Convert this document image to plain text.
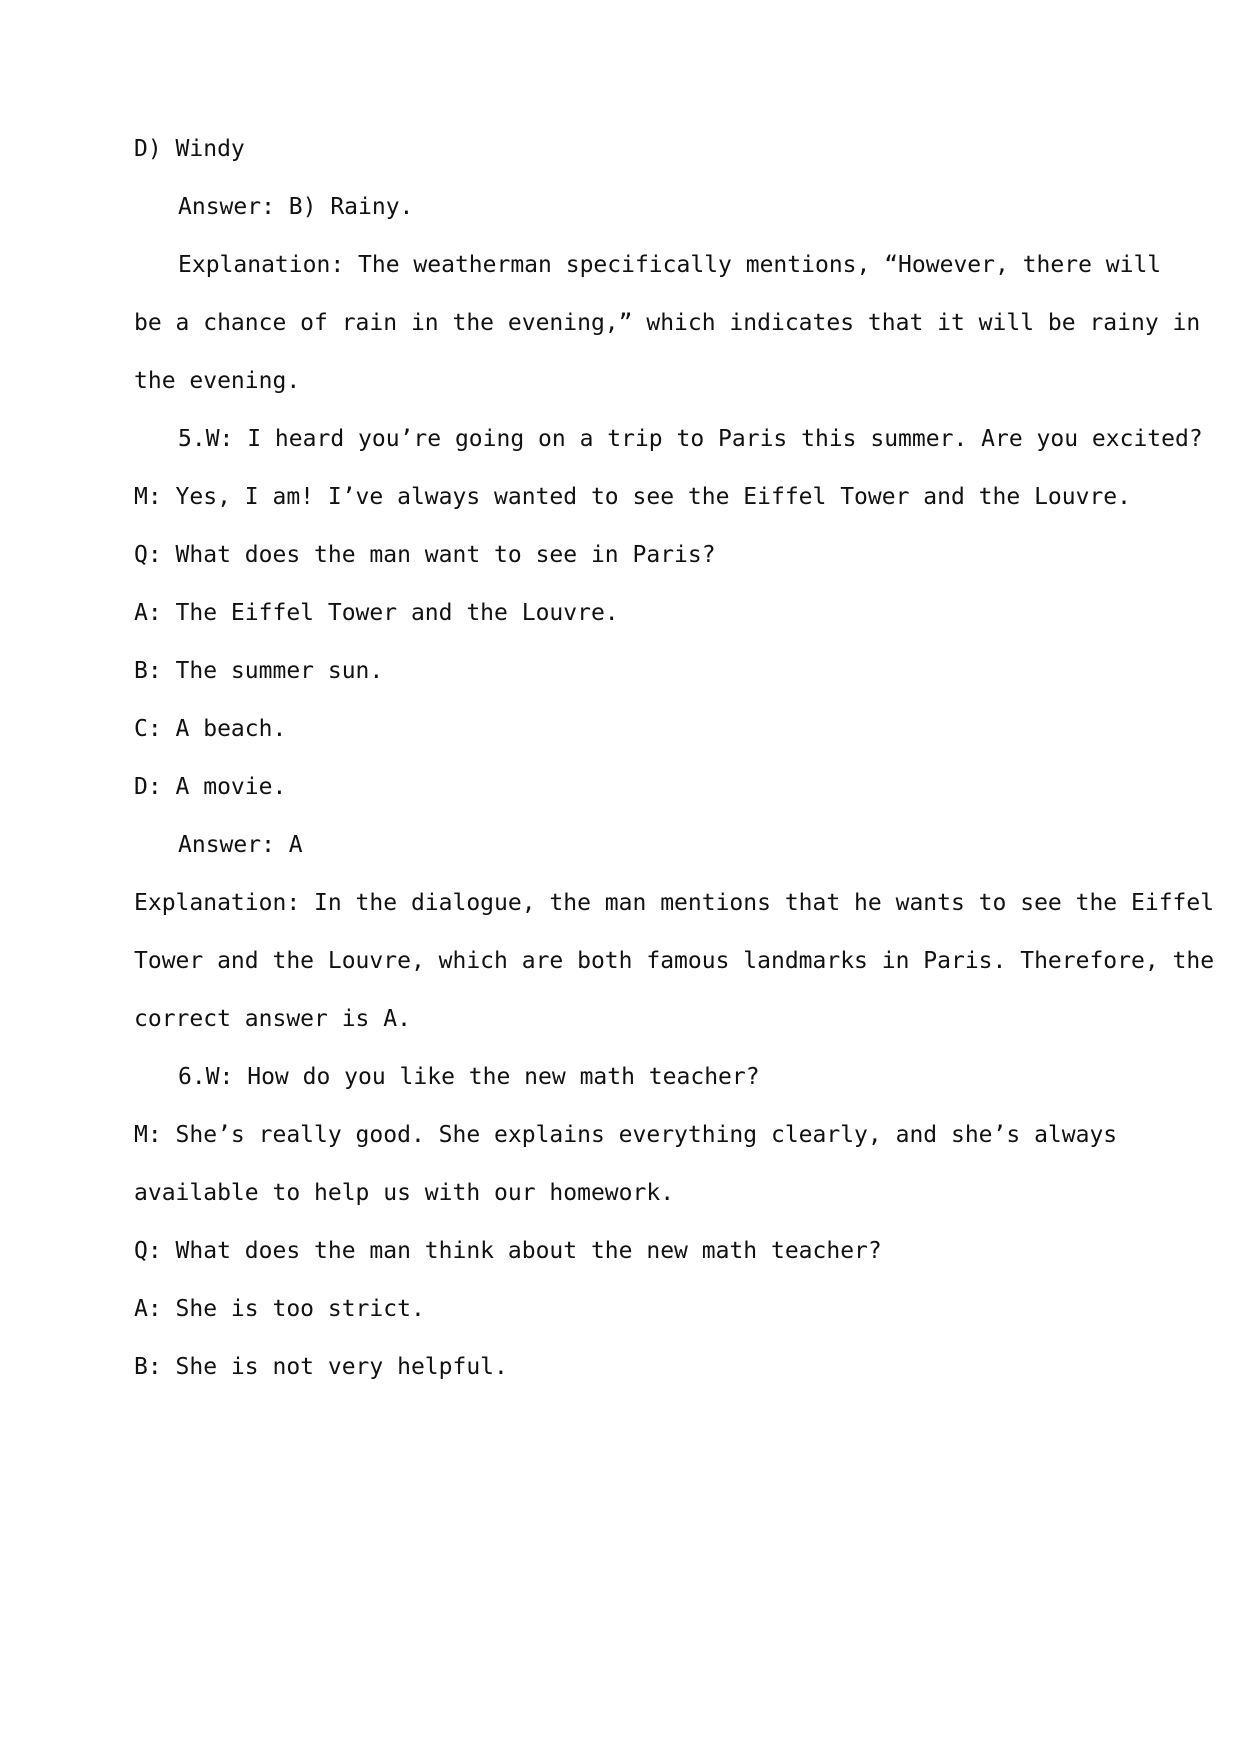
D) Windy
Answer: B) Rainy.
Explanation: The weatherman specifically mentions, “However, there will
be a chance of rain in the evening,” which indicates that it will be rainy in
the evening.
5.W: I heard you’re going on a trip to Paris this summer. Are you excited?
M: Yes, I am! I’ve always wanted to see the Eiffel Tower and the Louvre.
Q: What does the man want to see in Paris?
A: The Eiffel Tower and the Louvre.
B: The summer sun.
C: A beach.
D: A movie.
Answer: A
Explanation: In the dialogue, the man mentions that he wants to see the Eiffel
Tower and the Louvre, which are both famous landmarks in Paris. Therefore, the
correct answer is A.
6.W: How do you like the new math teacher?
M: She’s really good. She explains everything clearly, and she’s always
available to help us with our homework.
Q: What does the man think about the new math teacher?
A: She is too strict.
B: She is not very helpful.
